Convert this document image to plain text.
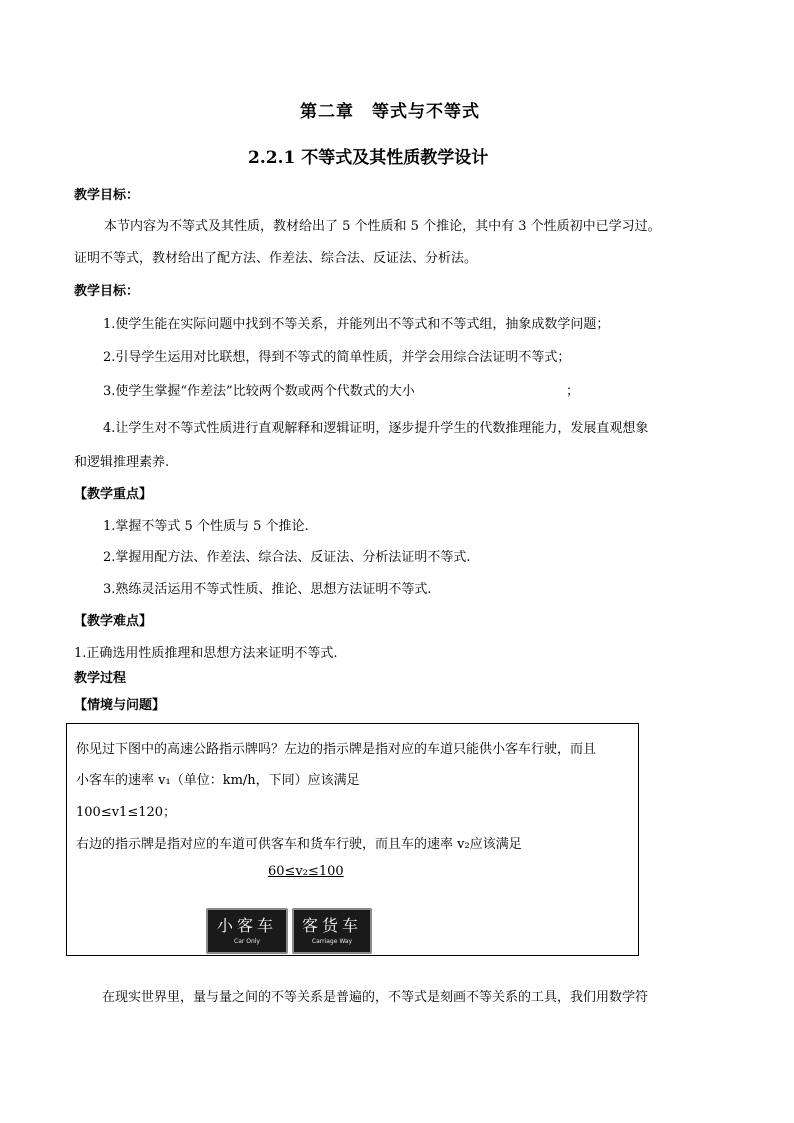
第二章　等式与不等式
2.2.1 不等式及其性质教学设计
教学目标：
本节内容为不等式及其性质，教材给出了 5 个性质和 5 个推论，其中有 3 个性质初中已学习过。
证明不等式，教材给出了配方法、作差法、综合法、反证法、分析法。
教学目标：
1.使学生能在实际问题中找到不等关系，并能列出不等式和不等式组，抽象成数学问题；
2.引导学生运用对比联想，得到不等式的简单性质，并学会用综合法证明不等式；
3.使学生掌握“作差法”比较两个数或两个代数式的大小	；
4.让学生对不等式性质进行直观解释和逻辑证明，逐步提升学生的代数推理能力，发展直观想象
和逻辑推理素养.
【教学重点】
1.掌握不等式 5 个性质与 5 个推论.
2.掌握用配方法、作差法、综合法、反证法、分析法证明不等式.
3.熟练灵活运用不等式性质、推论、思想方法证明不等式.
【教学难点】
1.正确选用性质推理和思想方法来证明不等式.
教学过程
【情境与问题】
你见过下图中的高速公路指示牌吗？左边的指示牌是指对应的车道只能供小客车行驶，而且
小客车的速率 v₁（单位：km/h，下同）应该满足
100≤v1≤120；
右边的指示牌是指对应的车道可供客车和货车行驶，而且车的速率 v₂应该满足
60≤v₂≤100
小客车
Car Only
客货车
Carriage Way
在现实世界里，量与量之间的不等关系是普遍的，不等式是刻画不等关系的工具，我们用数学符
